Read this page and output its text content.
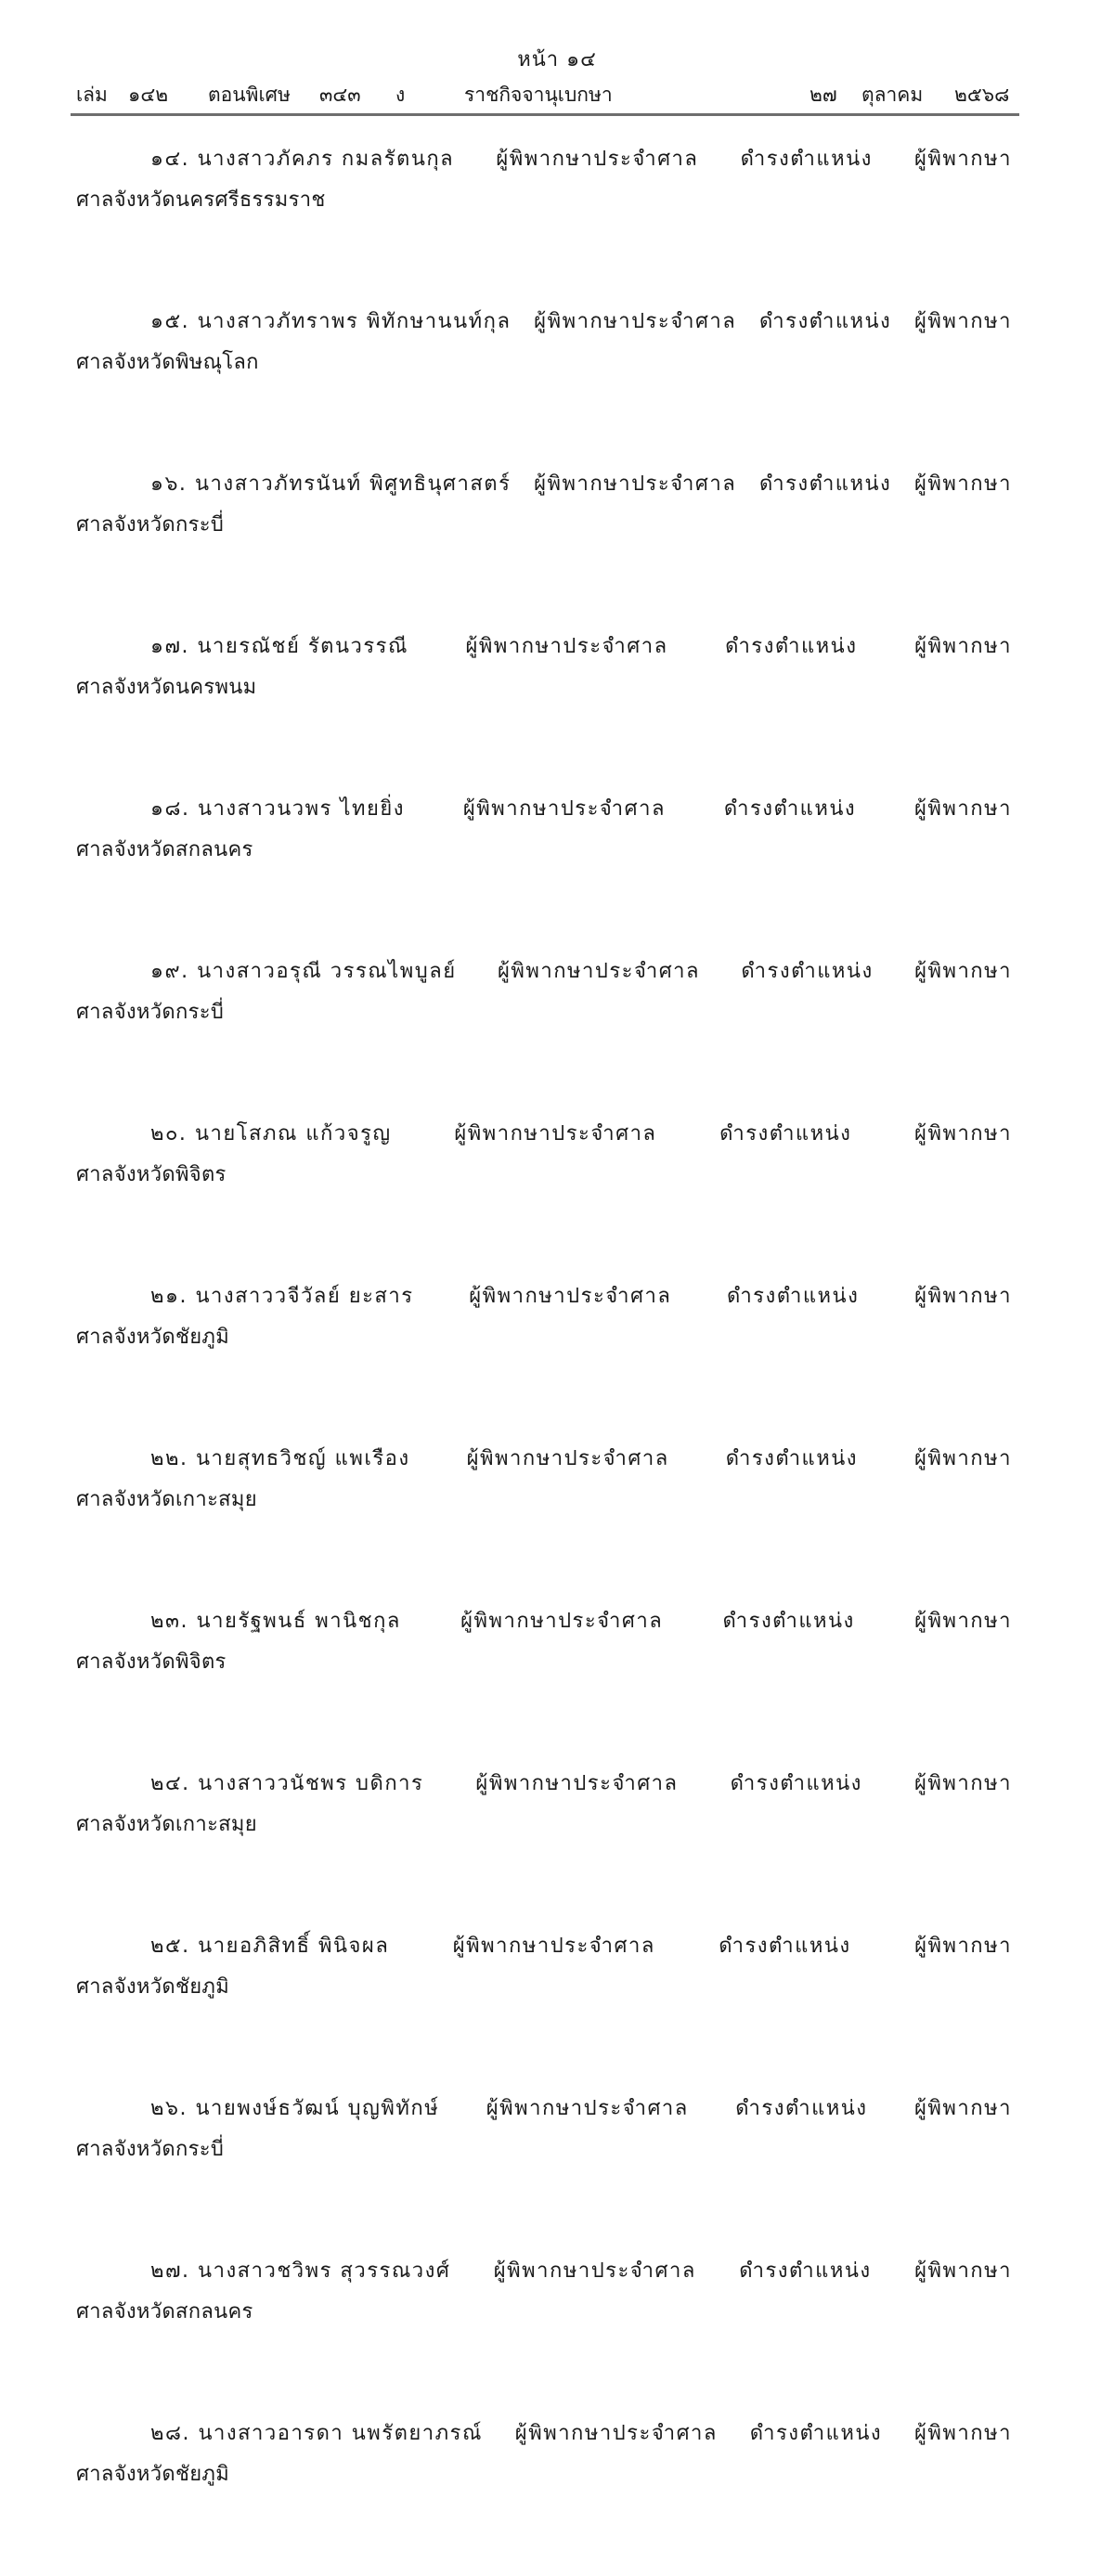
หน้า ๑๔
เล่ม ๑๔๒ ตอนพิเศษ ๓๔๓ ง	ราชกิจจานุเบกษา	๒๗ ตุลาคม ๒๕๖๘
๑๔. นางสาวภัคภร กมลรัตนกุล ผู้พิพากษาประจำศาล ดำรงตำแหน่ง ผู้พิพากษา
ศาลจังหวัดนครศรีธรรมราช
๑๕. นางสาวภัทราพร พิทักษานนท์กุล ผู้พิพากษาประจำศาล ดำรงตำแหน่ง ผู้พิพากษา
ศาลจังหวัดพิษณุโลก
๑๖. นางสาวภัทรนันท์ พิศูทธินุศาสตร์ ผู้พิพากษาประจำศาล ดำรงตำแหน่ง ผู้พิพากษา
ศาลจังหวัดกระบี่
๑๗. นายรณัชย์ รัตนวรรณี	ผู้พิพากษาประจำศาล	ดำรงตำแหน่ง	ผู้พิพากษา
ศาลจังหวัดนครพนม
๑๘. นางสาวนวพร ไทยยิ่ง	ผู้พิพากษาประจำศาล	ดำรงตำแหน่ง	ผู้พิพากษา
ศาลจังหวัดสกลนคร
๑๙. นางสาวอรุณี วรรณไพบูลย์ ผู้พิพากษาประจำศาล ดำรงตำแหน่ง ผู้พิพากษา
ศาลจังหวัดกระบี่
๒๐. นายโสภณ แก้วจรูญ	ผู้พิพากษาประจำศาล	ดำรงตำแหน่ง	ผู้พิพากษา
ศาลจังหวัดพิจิตร
๒๑. นางสาววจีวัลย์ ยะสาร	ผู้พิพากษาประจำศาล	ดำรงตำแหน่ง	ผู้พิพากษา
ศาลจังหวัดชัยภูมิ
๒๒. นายสุทธวิชญ์ แพเรือง	ผู้พิพากษาประจำศาล	ดำรงตำแหน่ง	ผู้พิพากษา
ศาลจังหวัดเกาะสมุย
๒๓. นายรัฐพนธ์ พานิชกุล	ผู้พิพากษาประจำศาล	ดำรงตำแหน่ง	ผู้พิพากษา
ศาลจังหวัดพิจิตร
๒๔. นางสาววนัชพร บดิการ	ผู้พิพากษาประจำศาล	ดำรงตำแหน่ง	ผู้พิพากษา
ศาลจังหวัดเกาะสมุย
๒๕. นายอภิสิทธิ์ พินิจผล	ผู้พิพากษาประจำศาล	ดำรงตำแหน่ง	ผู้พิพากษา
ศาลจังหวัดชัยภูมิ
๒๖. นายพงษ์ธวัฒน์ บุญพิทักษ์ ผู้พิพากษาประจำศาล ดำรงตำแหน่ง ผู้พิพากษา
ศาลจังหวัดกระบี่
๒๗. นางสาวชวิพร สุวรรณวงศ์ ผู้พิพากษาประจำศาล ดำรงตำแหน่ง ผู้พิพากษา
ศาลจังหวัดสกลนคร
๒๘. นางสาวอารดา นพรัตยาภรณ์ ผู้พิพากษาประจำศาล ดำรงตำแหน่ง ผู้พิพากษา
ศาลจังหวัดชัยภูมิ
